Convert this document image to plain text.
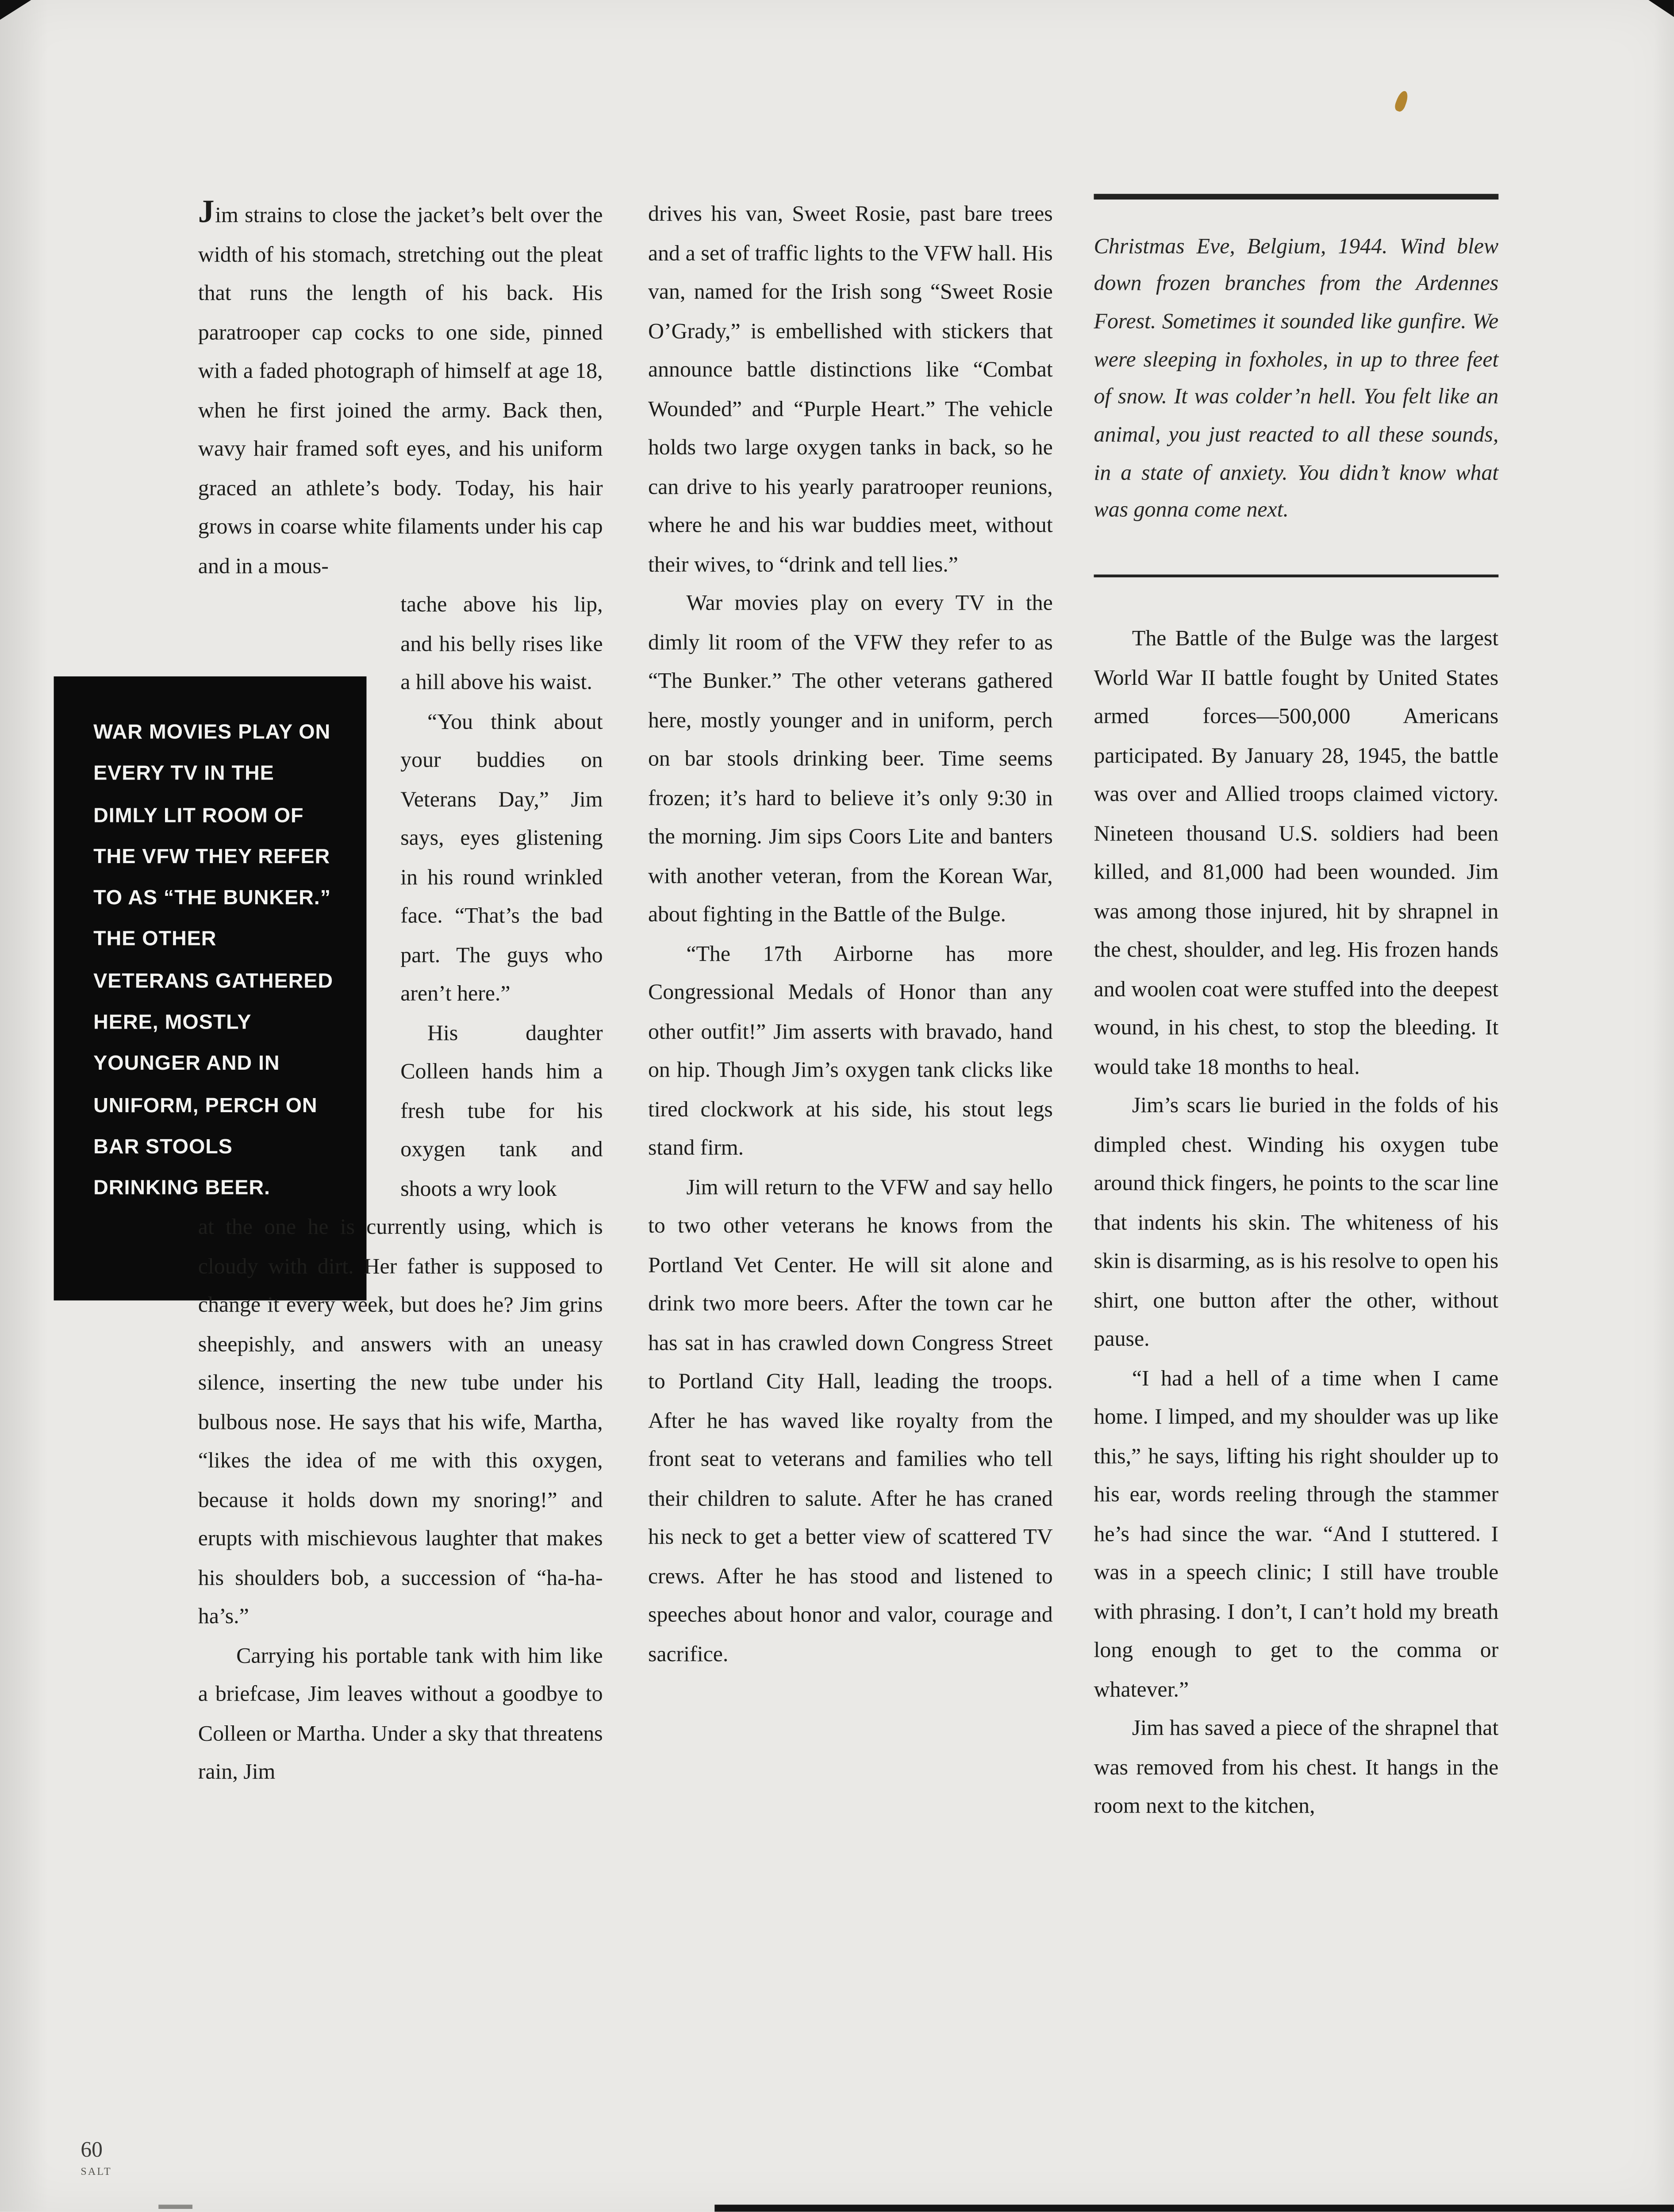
WAR MOVIES PLAY ON EVERY TV IN THE DIMLY LIT ROOM OF THE VFW THEY REFER TO AS “THE BUNKER.” THE OTHER VETERANS GATHERED HERE, MOSTLY YOUNGER AND IN UNIFORM, PERCH ON BAR STOOLS DRINKING BEER.

Jim strains to close the jacket’s belt over the width of his stomach, stretching out the pleat that runs the length of his back. His paratrooper cap cocks to one side, pinned with a faded photograph of himself at age 18, when he first joined the army. Back then, wavy hair framed soft eyes, and his uniform graced an athlete’s body. Today, his hair grows in coarse white filaments under his cap and in a mous-

tache above his lip, and his belly rises like a hill above his waist.

“You think about your buddies on Veterans Day,” Jim says, eyes glistening in his round wrinkled face. “That’s the bad part. The guys who aren’t here.”

His daughter Colleen hands him a fresh tube for his oxygen tank and shoots a wry look

at the one he is currently using, which is cloudy with dirt. Her father is supposed to change it every week, but does he? Jim grins sheepishly, and answers with an uneasy silence, inserting the new tube under his bulbous nose. He says that his wife, Martha, “likes the idea of me with this oxygen, because it holds down my snoring!” and erupts with mischievous laughter that makes his shoulders bob, a succession of “ha-ha-ha’s.”

Carrying his portable tank with him like a briefcase, Jim leaves without a goodbye to Colleen or Martha. Under a sky that threatens rain, Jim

drives his van, Sweet Rosie, past bare trees and a set of traffic lights to the VFW hall. His van, named for the Irish song “Sweet Rosie O’Grady,” is embellished with stickers that announce battle distinctions like “Combat Wounded” and “Purple Heart.” The vehicle holds two large oxygen tanks in back, so he can drive to his yearly paratrooper reunions, where he and his war buddies meet, without their wives, to “drink and tell lies.”

War movies play on every TV in the dimly lit room of the VFW they refer to as “The Bunker.” The other veterans gathered here, mostly younger and in uniform, perch on bar stools drinking beer. Time seems frozen; it’s hard to believe it’s only 9:30 in the morning. Jim sips Coors Lite and banters with another veteran, from the Korean War, about fighting in the Battle of the Bulge.

“The 17th Airborne has more Congressional Medals of Honor than any other outfit!” Jim asserts with bravado, hand on hip. Though Jim’s oxygen tank clicks like tired clockwork at his side, his stout legs stand firm.

Jim will return to the VFW and say hello to two other veterans he knows from the Portland Vet Center. He will sit alone and drink two more beers. After the town car he has sat in has crawled down Congress Street to Portland City Hall, leading the troops. After he has waved like royalty from the front seat to veterans and families who tell their children to salute. After he has craned his neck to get a better view of scattered TV crews. After he has stood and listened to speeches about honor and valor, courage and sacrifice.

Christmas Eve, Belgium, 1944. Wind blew down frozen branches from the Ardennes Forest. Sometimes it sounded like gunfire. We were sleeping in foxholes, in up to three feet of snow. It was colder’n hell. You felt like an animal, you just reacted to all these sounds, in a state of anxiety. You didn’t know what was gonna come next.

The Battle of the Bulge was the largest World War II battle fought by United States armed forces—500,000 Americans participated. By January 28, 1945, the battle was over and Allied troops claimed victory. Nineteen thousand U.S. soldiers had been killed, and 81,000 had been wounded. Jim was among those injured, hit by shrapnel in the chest, shoulder, and leg. His frozen hands and woolen coat were stuffed into the deepest wound, in his chest, to stop the bleeding. It would take 18 months to heal.

Jim’s scars lie buried in the folds of his dimpled chest. Winding his oxygen tube around thick fingers, he points to the scar line that indents his skin. The whiteness of his skin is disarming, as is his resolve to open his shirt, one button after the other, without pause.

“I had a hell of a time when I came home. I limped, and my shoulder was up like this,” he says, lifting his right shoulder up to his ear, words reeling through the stammer he’s had since the war. “And I stuttered. I was in a speech clinic; I still have trouble with phrasing. I don’t, I can’t hold my breath long enough to get to the comma or whatever.”

Jim has saved a piece of the shrapnel that was removed from his chest. It hangs in the room next to the kitchen,

60
SALT
